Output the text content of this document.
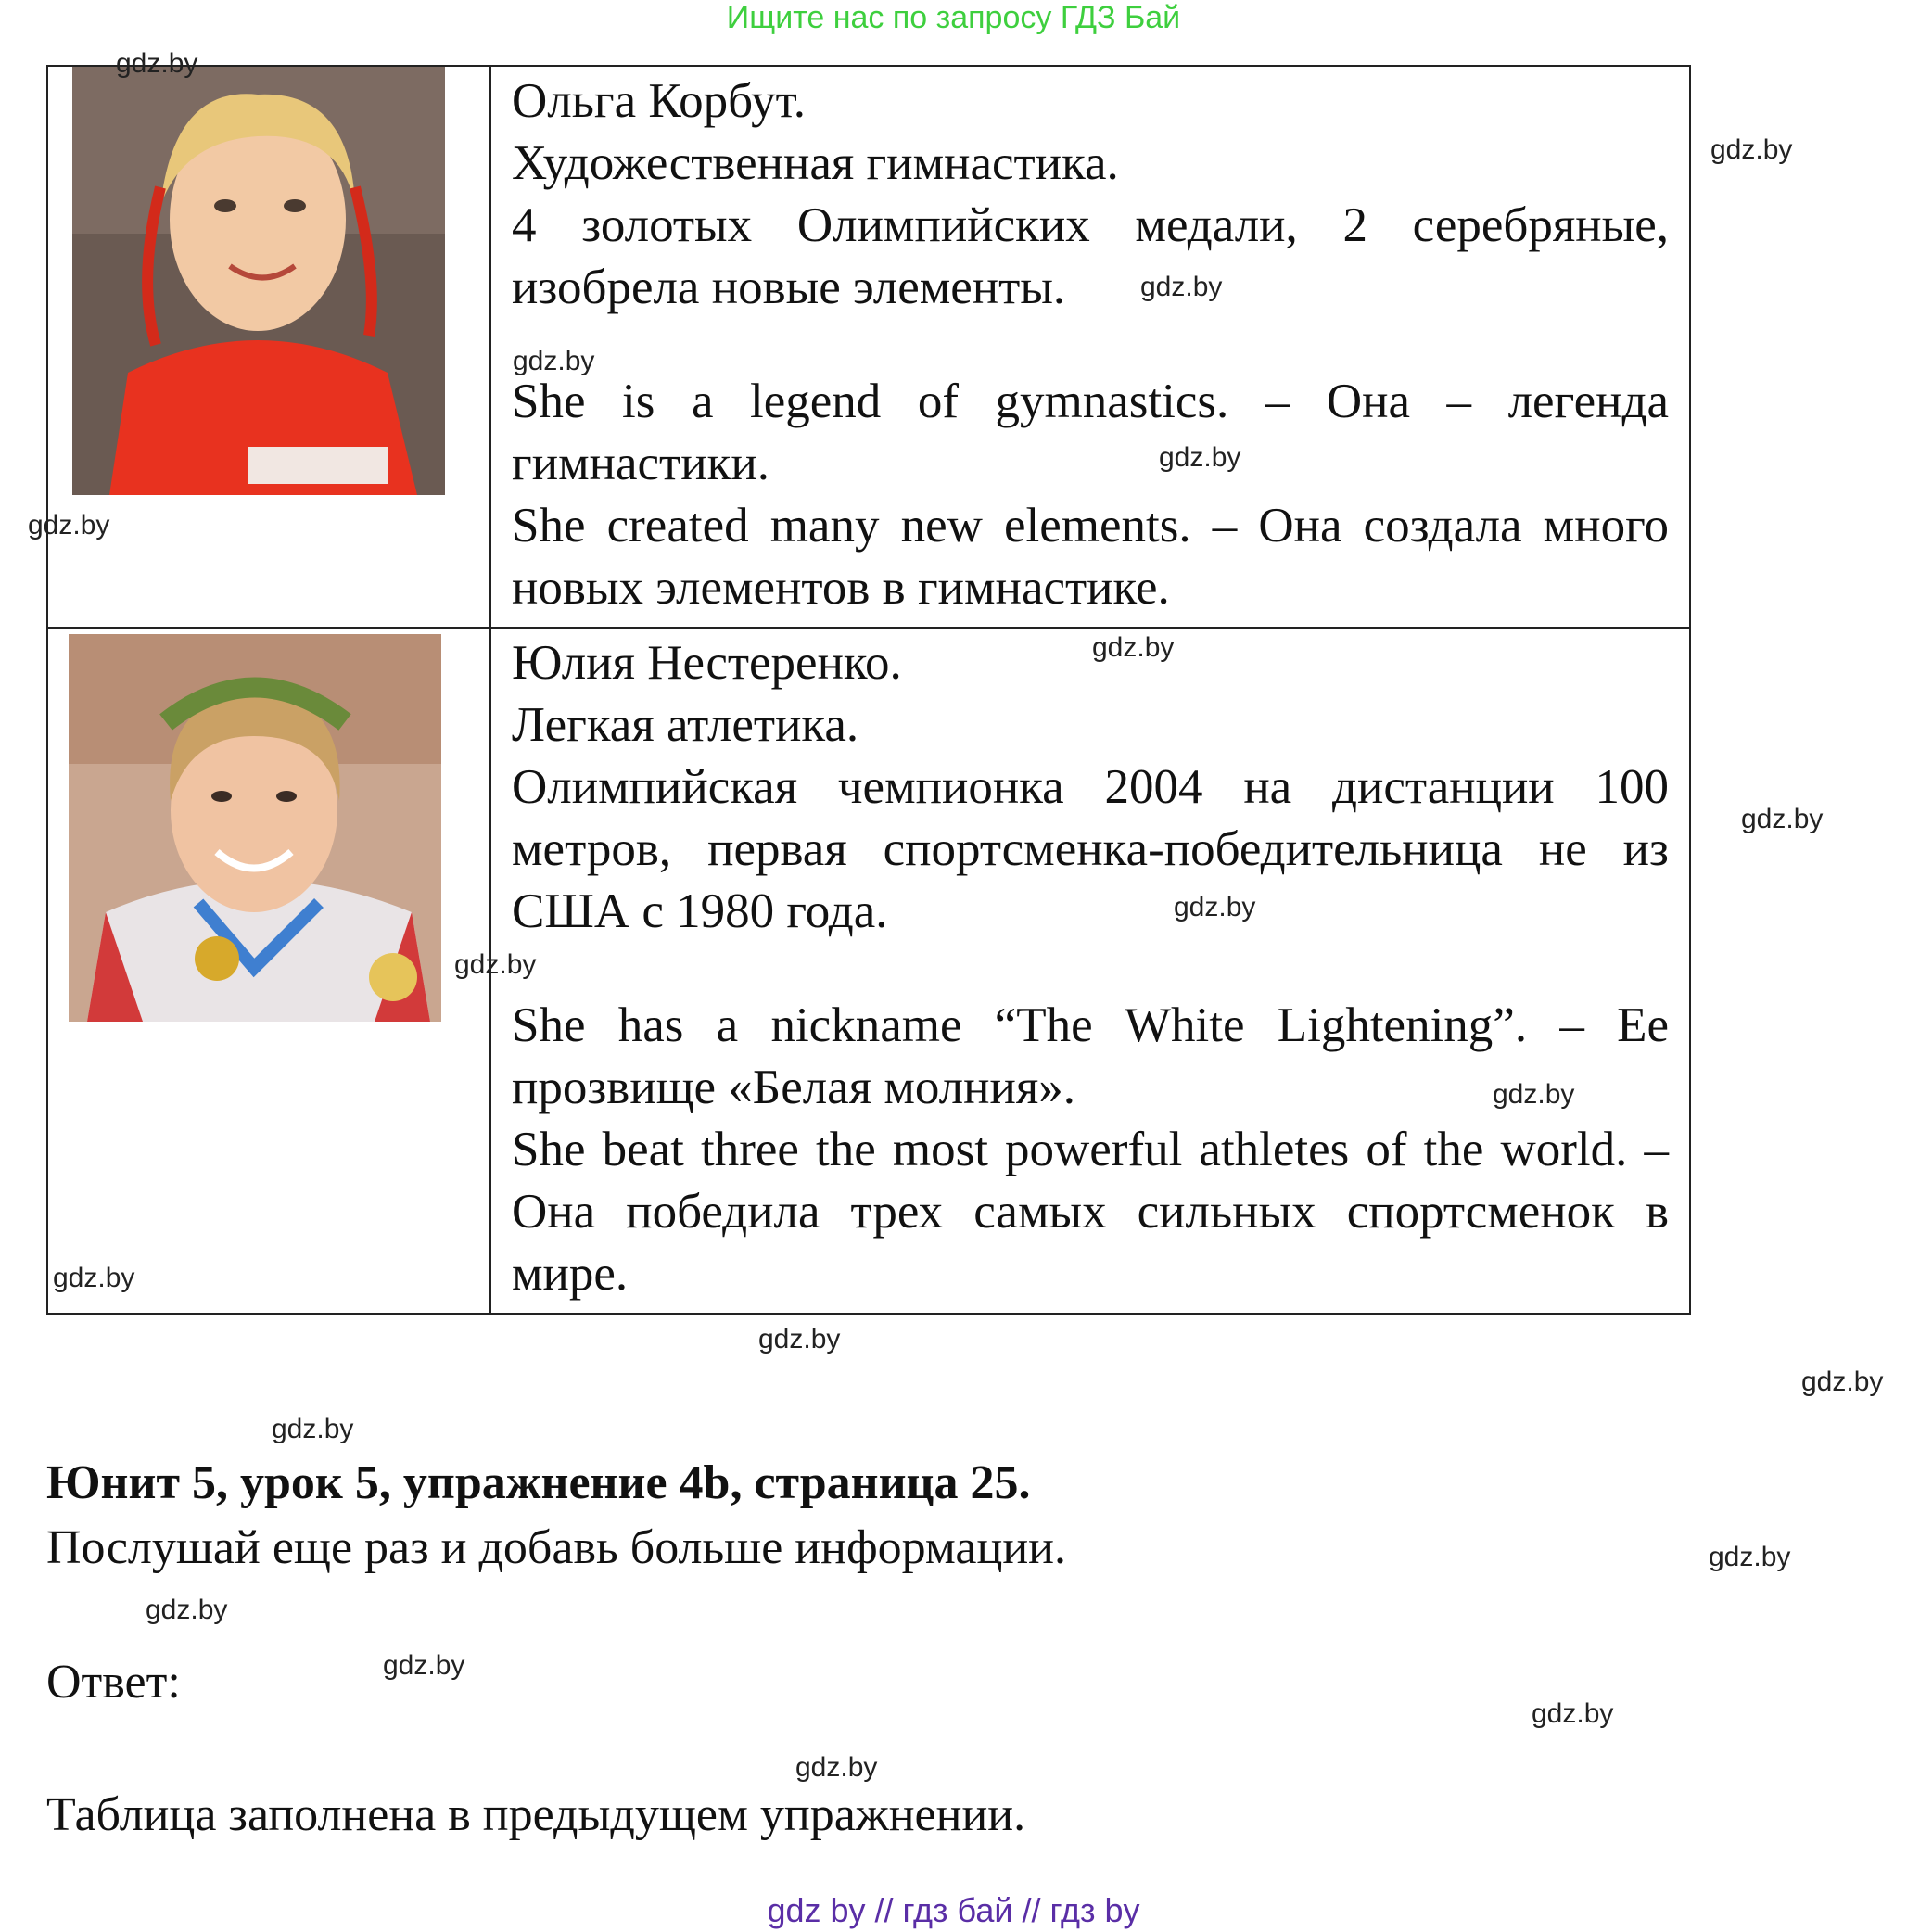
Ищите нас по запросу ГДЗ Бай

Ольга Корбут.

Художественная гимнастика.

4 золотых Олимпийских медали, 2 серебряные, изобрела новые элементы.

She is a legend of gymnastics. – Она – легенда гимнастики.

She created many new elements. – Она создала много новых элементов в гимнастике.

Юлия Нестеренко.

Легкая атлетика.

Олимпийская чемпионка 2004 на дистанции 100 метров, первая спортсменка-победительница не из США с 1980 года.

She has a nickname “The White Lightening”. – Ее прозвище «Белая молния».

She beat three the most powerful athletes of the world. – Она победила трех самых сильных спортсменок в мире.

Юнит 5, урок 5, упражнение 4b, страница 25.
Послушай еще раз и добавь больше информации.
Ответ:
Таблица заполнена в предыдущем упражнении.
gdz.by
gdz.by
gdz.by
gdz.by
gdz.by
gdz.by
gdz.by
gdz.by
gdz.by
gdz.by
gdz.by
gdz.by
gdz.by
gdz.by
gdz.by
gdz.by
gdz.by
gdz.by
gdz.by
gdz.by
gdz by // гдз бай // гдз by
